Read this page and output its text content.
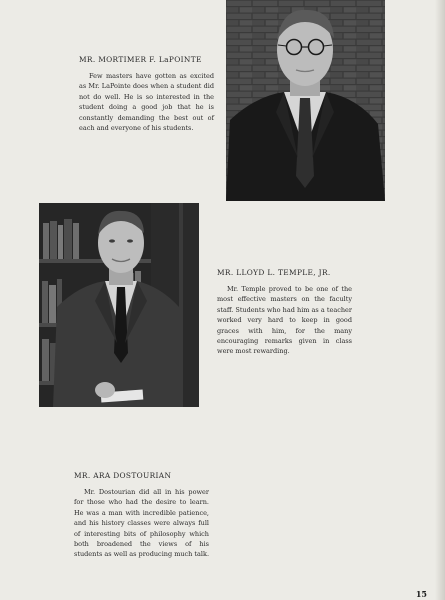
MR. MORTIMER F. LaPOINTE

Few masters have gotten as excited as Mr. LaPointe does when a student did not do well. He is so interested in the student doing a good job that he is constantly demanding the best out of each and everyone of his students.

MR. LLOYD L. TEMPLE, JR.

Mr. Temple proved to be one of the most effective masters on the faculty staff. Students who had him as a teacher worked very hard to keep in good graces with him, for the many encouraging remarks given in class were most rewarding.

MR. ARA DOSTOURIAN

Mr. Dostourian did all in his power for those who had the desire to learn. He was a man with incredible patience, and his history classes were always full of interesting bits of philosophy which both broadened the views of his students as well as producing much talk.

15
